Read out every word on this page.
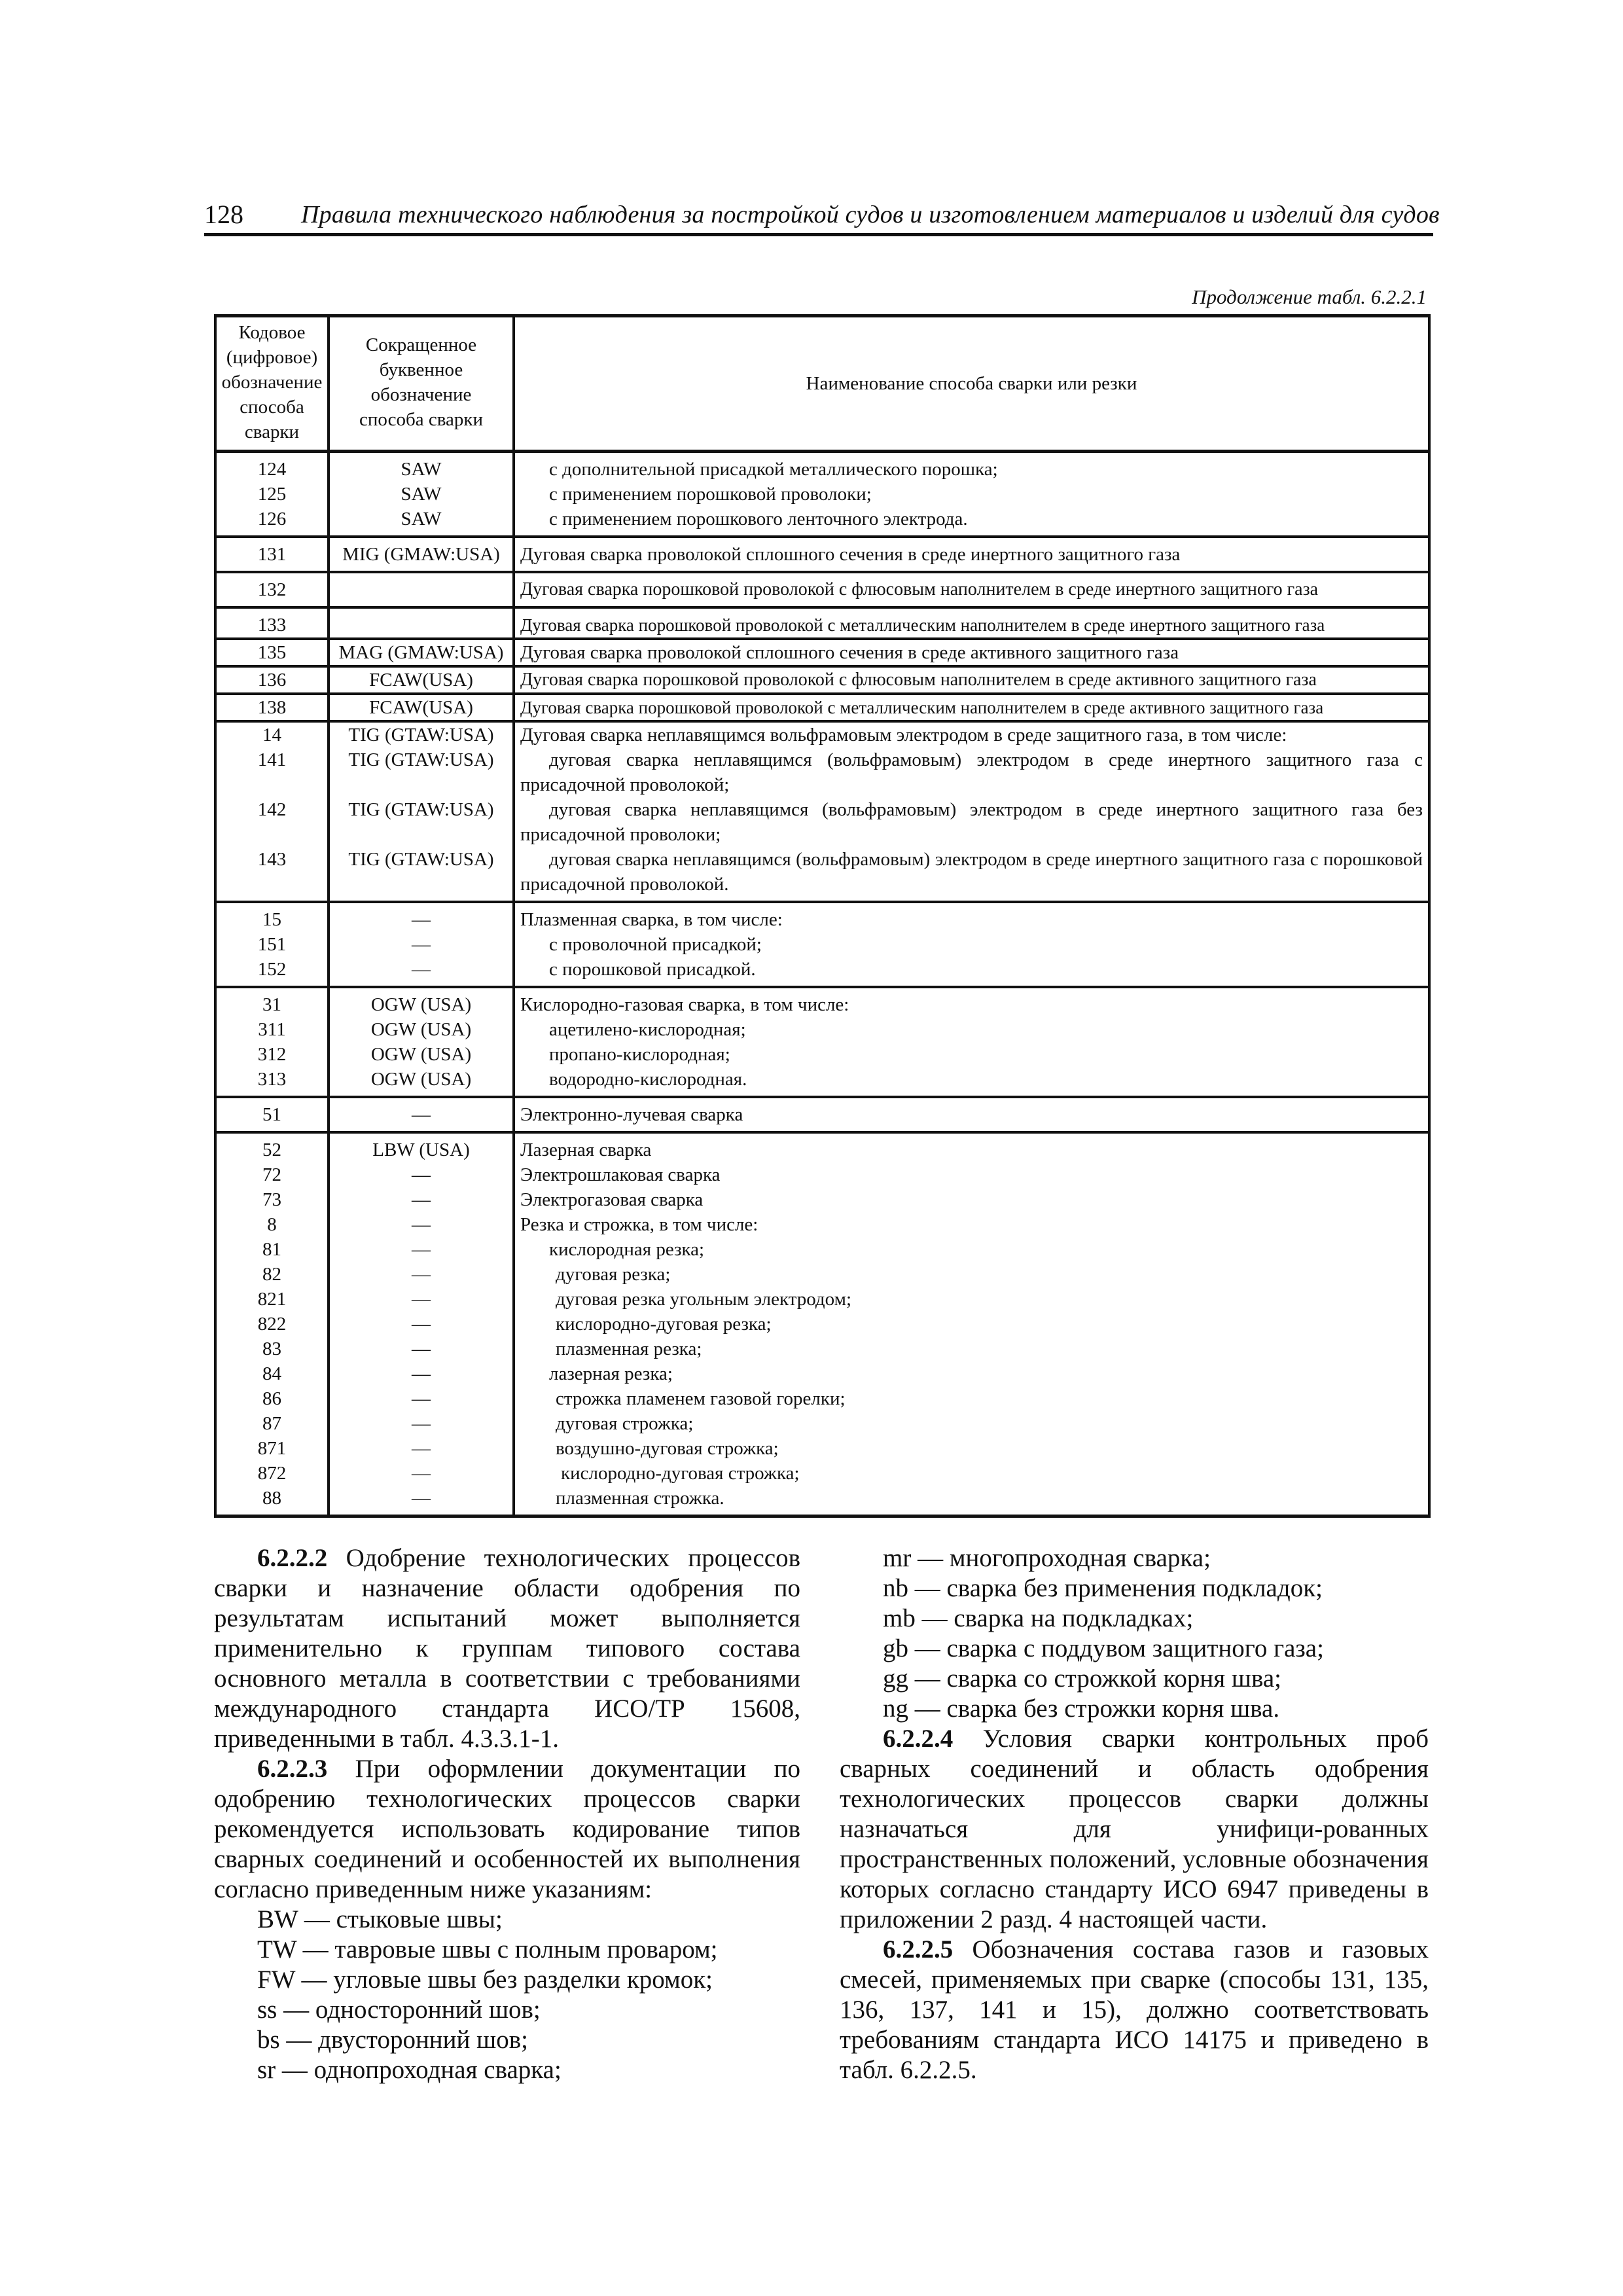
128 Правила технического наблюдения за постройкой судов и изготовлением материалов и изделий для судов
Продолжение табл. 6.2.2.1
Кодовое
(цифровое)
обозначение
способа
сварки	Сокращенное
буквенное
обозначение
способа сварки	Наименование способа сварки или резки
124	SAW	с дополнительной присадкой металлического порошка;

125	SAW	с применением порошковой проволоки;

126	SAW	с применением порошкового ленточного электрода.

131	MIG (GMAW:USA)	Дуговая сварка проволокой сплошного сечения в среде инертного защитного газа
132		Дуговая сварка порошковой проволокой с флюсовым наполнителем в среде инертного защитного газа
133		Дуговая сварка порошковой проволокой с металлическим наполнителем в среде инертного защитного газа
135	MAG (GMAW:USA)	Дуговая сварка проволокой сплошного сечения в среде активного защитного газа
136	FCAW(USA)	Дуговая сварка порошковой проволокой с флюсовым наполнителем в среде активного защитного газа
138	FCAW(USA)	Дуговая сварка порошковой проволокой с металлическим наполнителем в среде активного защитного газа
14	TIG (GTAW:USA)	Дуговая сварка неплавящимся вольфрамовым электродом в среде защитного газа, в том числе:
141	TIG (GTAW:USA)	дуговая сварка неплавящимся (вольфрамовым) электродом в среде инертного защитного газа с присадочной проволокой;

142	TIG (GTAW:USA)	дуговая сварка неплавящимся (вольфрамовым) электродом в среде инертного защитного газа без присадочной проволоки;

143	TIG (GTAW:USA)	дуговая сварка неплавящимся (вольфрамовым) электродом в среде инертного защитного газа с порошковой присадочной проволокой.

15	—	Плазменная сварка, в том числе:
151	—	с проволочной присадкой;

152	—	с порошковой присадкой.

31	OGW (USA)	Кислородно-газовая сварка, в том числе:
311	OGW (USA)	ацетилено-кислородная;

312	OGW (USA)	пропано-кислородная;

313	OGW (USA)	водородно-кислородная.

51	—	Электронно-лучевая сварка
52	LBW (USA)	Лазерная сварка
72	—	Электрошлаковая сварка
73	—	Электрогазовая сварка
8	—	Резка и строжка, в том числе:
81	—	кислородная резка;

82	—	дуговая резка;

821	—	дуговая резка угольным электродом;

822	—	кислородно-дуговая резка;

83	—	плазменная резка;

84	—	лазерная резка;

86	—	строжка пламенем газовой горелки;

87	—	дуговая строжка;

871	—	воздушно-дуговая строжка;

872	—	кислородно-дуговая строжка;

88	—	плазменная строжка.

6.2.2.2 Одобрение технологических процессов сварки и назначение области одобрения по результатам испытаний может выполняется применительно к группам типового состава основного металла в соответствии с требованиями международного стандарта ИСО/ТР 15608, приведенными в табл. 4.3.3.1-1.

6.2.2.3 При оформлении документации по одобрению технологических процессов сварки рекомендуется использовать кодирование типов сварных соединений и особенностей их выполнения согласно приведенным ниже указаниям:

BW — стыковые швы;

TW — тавровые швы с полным проваром;

FW — угловые швы без разделки кромок;

ss — односторонний шов;

bs — двусторонний шов;

sr — однопроходная сварка;

mr — многопроходная сварка;

nb — сварка без применения подкладок;

mb — сварка на подкладках;

gb — сварка с поддувом защитного газа;

gg — сварка со строжкой корня шва;

ng — сварка без строжки корня шва.

6.2.2.4 Условия сварки контрольных проб сварных соединений и область одобрения технологических процессов сварки должны назначаться для унифици-рованных пространственных положений, условные обозначения которых согласно стандарту ИСО 6947 приведены в приложении 2 разд. 4 настоящей части.

6.2.2.5 Обозначения состава газов и газовых смесей, применяемых при сварке (способы 131, 135, 136, 137, 141 и 15), должно соответствовать требованиям стандарта ИСО 14175 и приведено в табл. 6.2.2.5.
